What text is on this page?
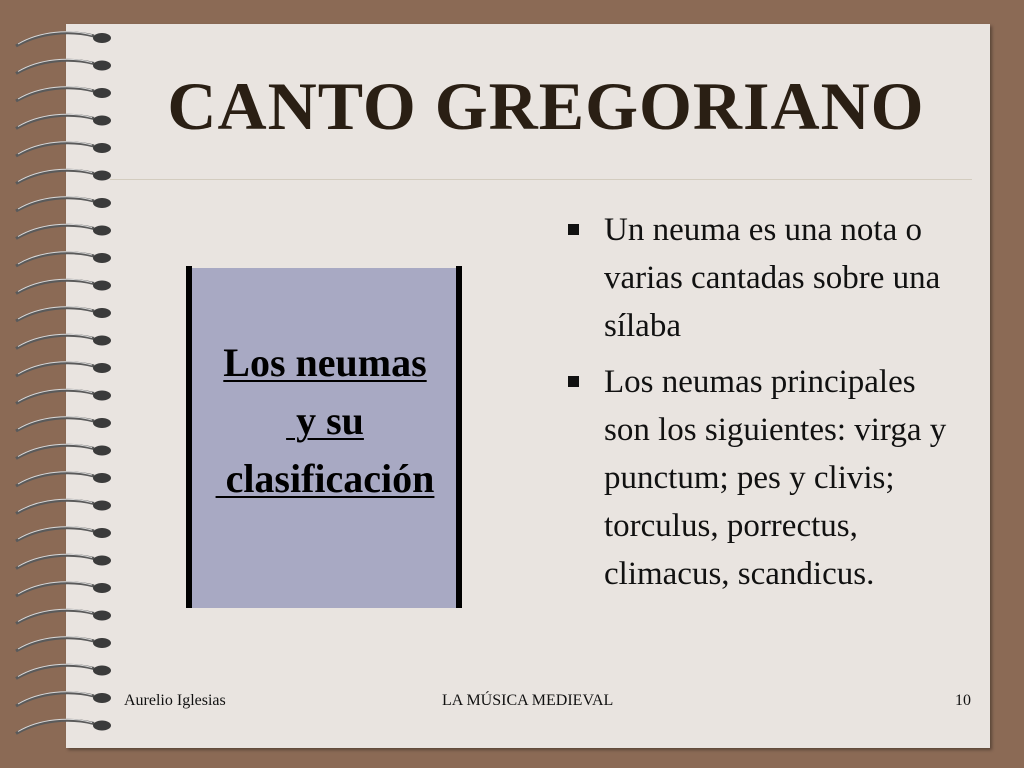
CANTO GREGORIANO
Los neumas
y su
clasificación
Un neuma es una nota o varias cantadas sobre una sílaba
Los neumas principales son los siguientes: virga y punctum; pes y clivis; torculus, porrectus, climacus, scandicus.
Aurelio Iglesias	LA MÚSICA MEDIEVAL	10
